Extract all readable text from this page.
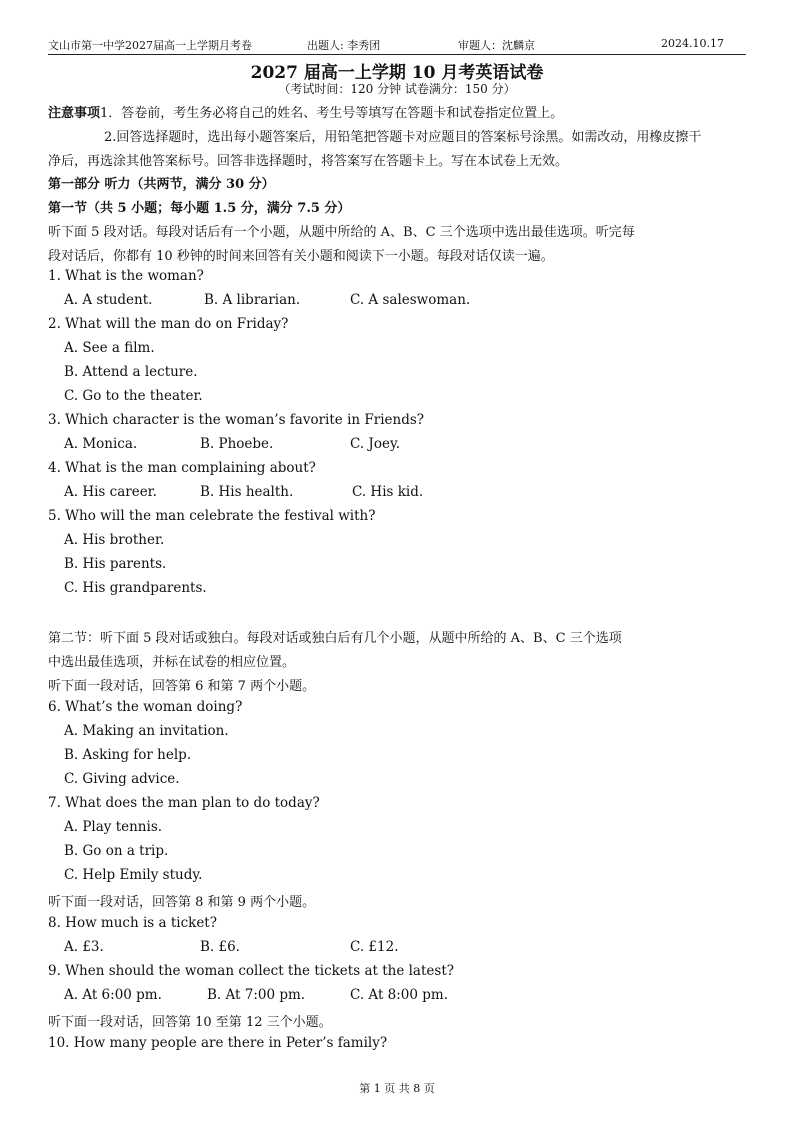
文山市第一中学2027届高一上学期月考卷	出题人: 李秀团	审题人：沈麟京	2024.10.17
2027 届高一上学期 10 月考英语试卷
（考试时间：120 分钟 试卷满分：150 分）
注意事项1．答卷前，考生务必将自己的姓名、考生号等填写在答题卡和试卷指定位置上。
2.回答选择题时，选出每小题答案后，用铅笔把答题卡对应题目的答案标号涂黑。如需改动，用橡皮擦干
净后，再选涂其他答案标号。回答非选择题时，将答案写在答题卡上。写在本试卷上无效。
第一部分 听力（共两节，满分 30 分）
第一节（共 5 小题；每小题 1.5 分，满分 7.5 分）
听下面 5 段对话。每段对话后有一个小题，从题中所给的 A、B、C 三个选项中选出最佳选项。听完每
段对话后，你都有 10 秒钟的时间来回答有关小题和阅读下一小题。每段对话仅读一遍。
1. What is the woman?
A. A student.	B. A librarian.	C. A saleswoman.
2. What will the man do on Friday?
A. See a film.
B. Attend a lecture.
C. Go to the theater.
3. Which character is the woman’s favorite in Friends?
A. Monica.	B. Phoebe.	C. Joey.
4. What is the man complaining about?
A. His career.	B. His health.	C. His kid.
5. Who will the man celebrate the festival with?
A. His brother.
B. His parents.
C. His grandparents.
第二节：听下面 5 段对话或独白。每段对话或独白后有几个小题，从题中所给的 A、B、C 三个选项
中选出最佳选项，并标在试卷的相应位置。
听下面一段对话，回答第 6 和第 7 两个小题。
6. What’s the woman doing?
A. Making an invitation.
B. Asking for help.
C. Giving advice.
7. What does the man plan to do today?
A. Play tennis.
B. Go on a trip.
C. Help Emily study.
听下面一段对话，回答第 8 和第 9 两个小题。
8. How much is a ticket?
A. £3.	B. £6.	C. £12.
9. When should the woman collect the tickets at the latest?
A. At 6:00 pm.	B. At 7:00 pm.	C. At 8:00 pm.
听下面一段对话，回答第 10 至第 12 三个小题。
10. How many people are there in Peter’s family?
第 1 页 共 8 页
